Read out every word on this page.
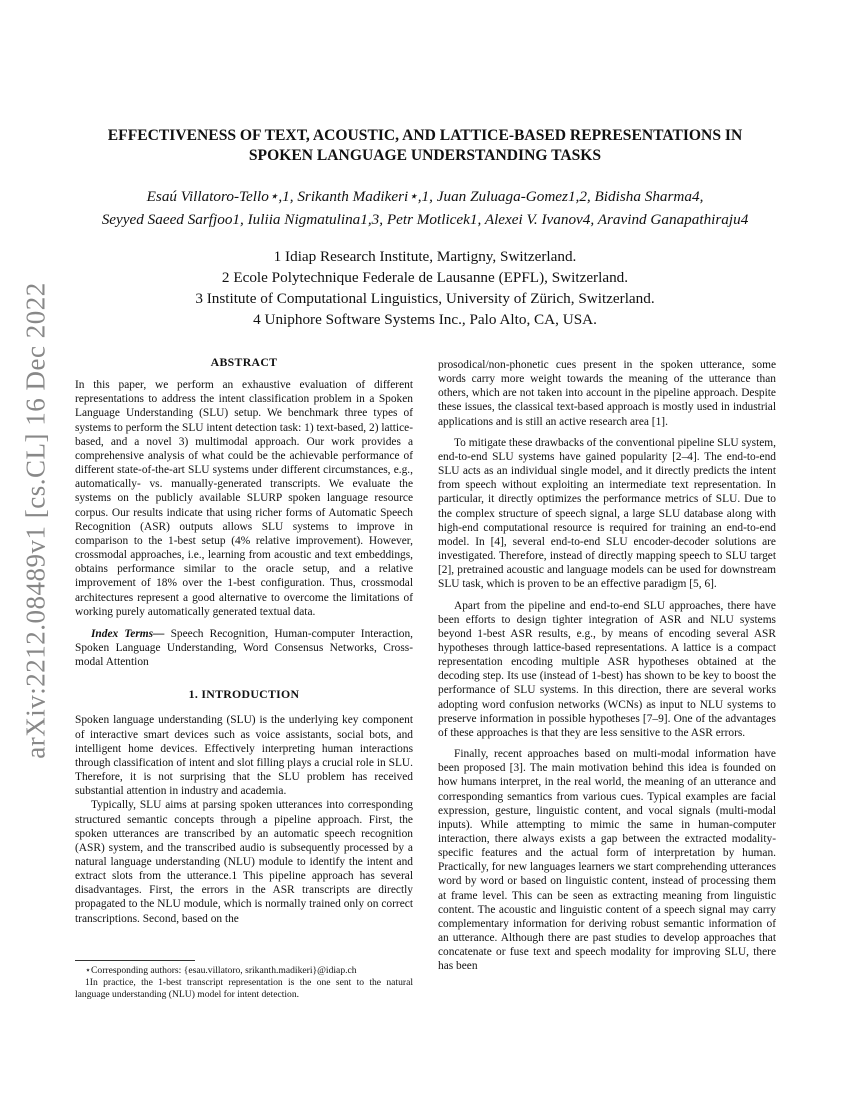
arXiv:2212.08489v1 [cs.CL] 16 Dec 2022
EFFECTIVENESS OF TEXT, ACOUSTIC, AND LATTICE-BASED REPRESENTATIONS IN
SPOKEN LANGUAGE UNDERSTANDING TASKS
Esaú Villatoro-Tello⋆,1, Srikanth Madikeri⋆,1, Juan Zuluaga-Gomez1,2, Bidisha Sharma4,
Seyyed Saeed Sarfjoo1, Iuliia Nigmatulina1,3, Petr Motlicek1, Alexei V. Ivanov4, Aravind Ganapathiraju4
1 Idiap Research Institute, Martigny, Switzerland.
2 Ecole Polytechnique Federale de Lausanne (EPFL), Switzerland.
3 Institute of Computational Linguistics, University of Zürich, Switzerland.
4 Uniphore Software Systems Inc., Palo Alto, CA, USA.
ABSTRACT

In this paper, we perform an exhaustive evaluation of different representations to address the intent classification problem in a Spoken Language Understanding (SLU) setup. We benchmark three types of systems to perform the SLU intent detection task: 1) text-based, 2) lattice-based, and a novel 3) multimodal approach. Our work provides a comprehensive analysis of what could be the achievable performance of different state-of-the-art SLU systems under different circumstances, e.g., automatically- vs. manually-generated transcripts. We evaluate the systems on the publicly available SLURP spoken language resource corpus. Our results indicate that using richer forms of Automatic Speech Recognition (ASR) outputs allows SLU systems to improve in comparison to the 1-best setup (4% relative improvement). However, crossmodal approaches, i.e., learning from acoustic and text embeddings, obtains performance similar to the oracle setup, and a relative improvement of 18% over the 1-best configuration. Thus, crossmodal architectures represent a good alternative to overcome the limitations of working purely automatically generated textual data.

Index Terms— Speech Recognition, Human-computer Interaction, Spoken Language Understanding, Word Consensus Networks, Cross-modal Attention

1. INTRODUCTION

Spoken language understanding (SLU) is the underlying key component of interactive smart devices such as voice assistants, social bots, and intelligent home devices. Effectively interpreting human interactions through classification of intent and slot filling plays a crucial role in SLU. Therefore, it is not surprising that the SLU problem has received substantial attention in industry and academia.

Typically, SLU aims at parsing spoken utterances into corresponding structured semantic concepts through a pipeline approach. First, the spoken utterances are transcribed by an automatic speech recognition (ASR) system, and the transcribed audio is subsequently processed by a natural language understanding (NLU) module to identify the intent and extract slots from the utterance.1 This pipeline approach has several disadvantages. First, the errors in the ASR transcripts are directly propagated to the NLU module, which is normally trained only on correct transcriptions. Second, based on the

⋆Corresponding authors: {esau.villatoro, srikanth.madikeri}@idiap.ch

1In practice, the 1-best transcript representation is the one sent to the natural language understanding (NLU) model for intent detection.

prosodical/non-phonetic cues present in the spoken utterance, some words carry more weight towards the meaning of the utterance than others, which are not taken into account in the pipeline approach. Despite these issues, the classical text-based approach is mostly used in industrial applications and is still an active research area [1].

To mitigate these drawbacks of the conventional pipeline SLU system, end-to-end SLU systems have gained popularity [2–4]. The end-to-end SLU acts as an individual single model, and it directly predicts the intent from speech without exploiting an intermediate text representation. In particular, it directly optimizes the performance metrics of SLU. Due to the complex structure of speech signal, a large SLU database along with high-end computational resource is required for training an end-to-end model. In [4], several end-to-end SLU encoder-decoder solutions are investigated. Therefore, instead of directly mapping speech to SLU target [2], pretrained acoustic and language models can be used for downstream SLU task, which is proven to be an effective paradigm [5, 6].

Apart from the pipeline and end-to-end SLU approaches, there have been efforts to design tighter integration of ASR and NLU systems beyond 1-best ASR results, e.g., by means of encoding several ASR hypotheses through lattice-based representations. A lattice is a compact representation encoding multiple ASR hypotheses obtained at the decoding step. Its use (instead of 1-best) has shown to be key to boost the performance of SLU systems. In this direction, there are several works adopting word confusion networks (WCNs) as input to NLU systems to preserve information in possible hypotheses [7–9]. One of the advantages of these approaches is that they are less sensitive to the ASR errors.

Finally, recent approaches based on multi-modal information have been proposed [3]. The main motivation behind this idea is founded on how humans interpret, in the real world, the meaning of an utterance and corresponding semantics from various cues. Typical examples are facial expression, gesture, linguistic content, and vocal signals (multi-modal inputs). While attempting to mimic the same in human-computer interaction, there always exists a gap between the extracted modality-specific features and the actual form of interpretation by human. Practically, for new languages learners we start comprehending utterances word by word or based on linguistic content, instead of processing them at frame level. This can be seen as extracting meaning from linguistic content. The acoustic and linguistic content of a speech signal may carry complementary information for deriving robust semantic information of an utterance. Although there are past studies to develop approaches that concatenate or fuse text and speech modality for improving SLU, there has been
